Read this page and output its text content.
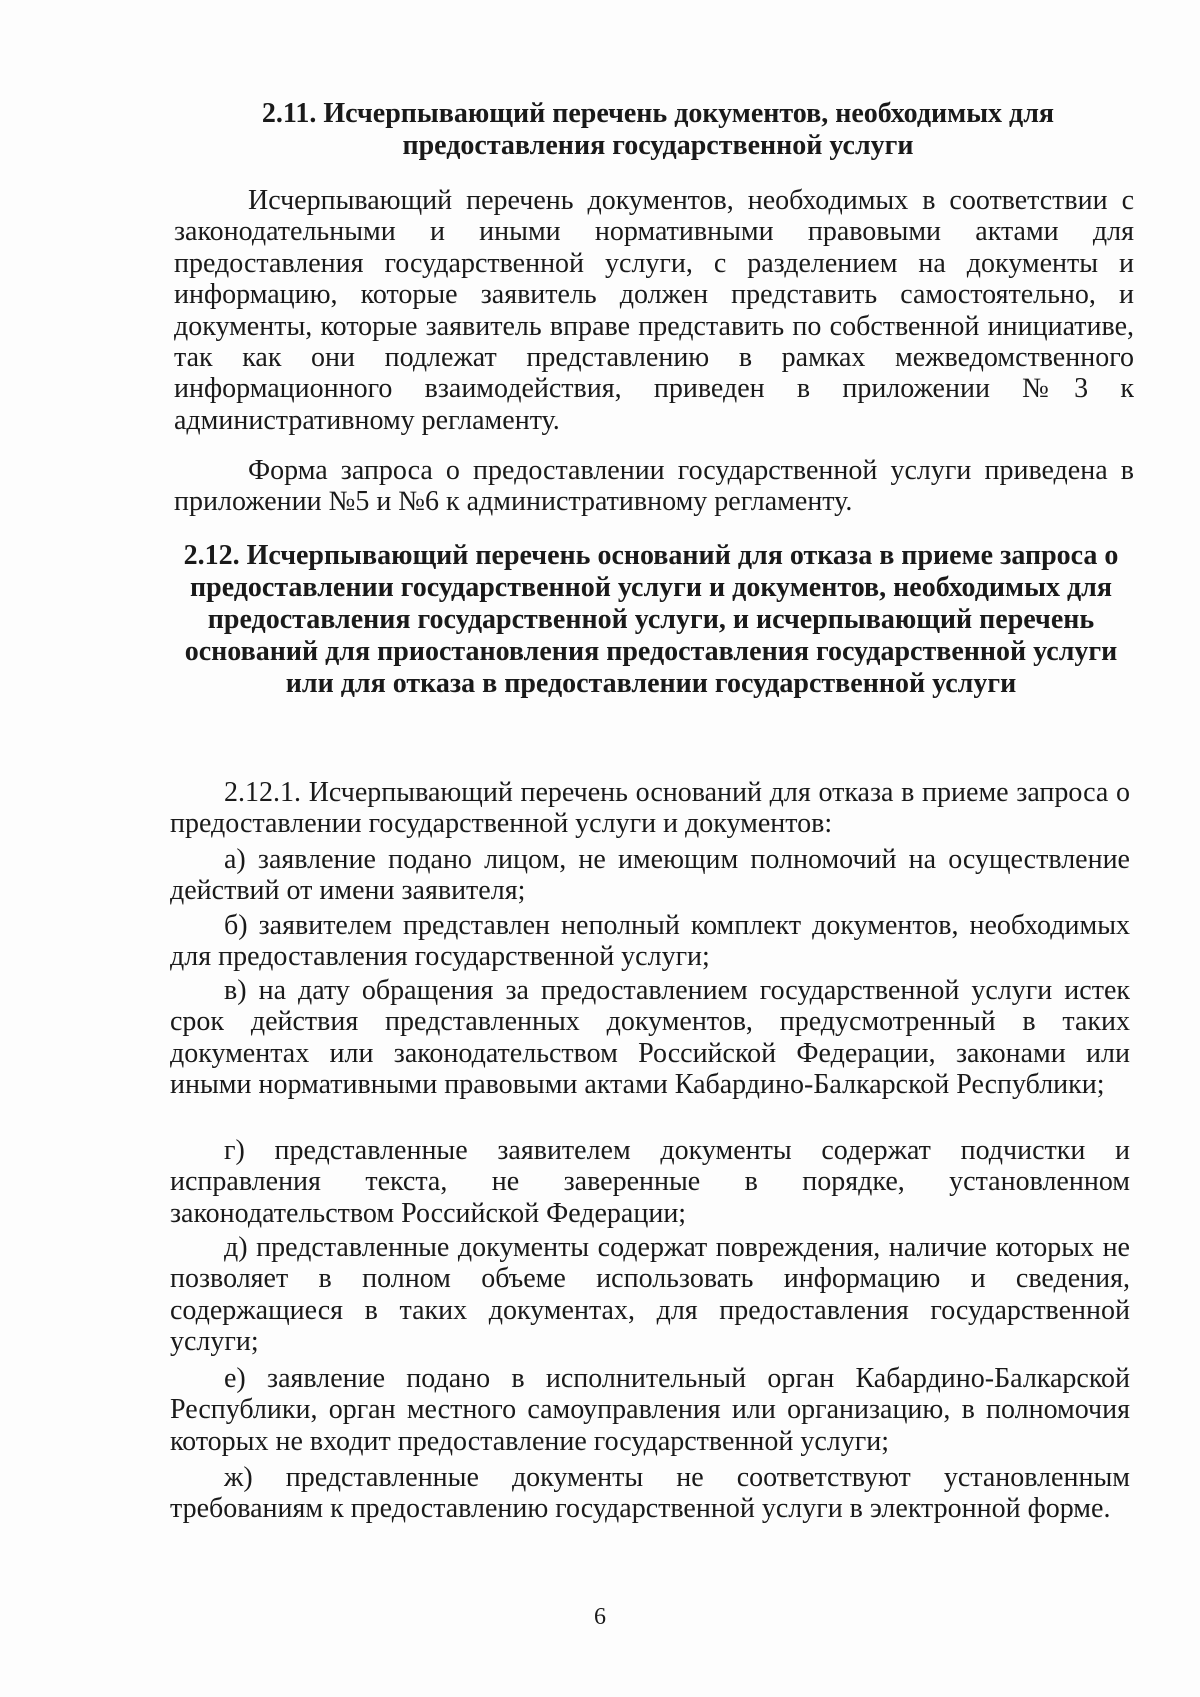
2.11. Исчерпывающий перечень документов, необходимых для предоставления государственной услуги

Исчерпывающий перечень документов, необходимых в соответствии с законодательными и иными нормативными правовыми актами для предоставления государственной услуги, с разделением на документы и информацию, которые заявитель должен представить самостоятельно, и документы, которые заявитель вправе представить по собственной инициативе, так как они подлежат представлению в рамках межведомственного информационного взаимодействия, приведен в приложении №3 к административному регламенту.

Форма запроса о предоставлении государственной услуги приведена в приложении №5 и №6 к административному регламенту.

2.12. Исчерпывающий перечень оснований для отказа в приеме запроса о предоставлении государственной услуги и документов, необходимых для предоставления государственной услуги, и исчерпывающий перечень оснований для приостановления предоставления государственной услуги или для отказа в предоставлении государственной услуги

2.12.1. Исчерпывающий перечень оснований для отказа в приеме запроса о предоставлении государственной услуги и документов:

а) заявление подано лицом, не имеющим полномочий на осуществление действий от имени заявителя;

б) заявителем представлен неполный комплект документов, необходимых для предоставления государственной услуги;

в) на дату обращения за предоставлением государственной услуги истек срок действия представленных документов, предусмотренный в таких документах или законодательством Российской Федерации, законами или иными нормативными правовыми актами Кабардино-Балкарской Республики;

г) представленные заявителем документы содержат подчистки и исправления текста, не заверенные в порядке, установленном законодательством Российской Федерации;

д) представленные документы содержат повреждения, наличие которых не позволяет в полном объеме использовать информацию и сведения, содержащиеся в таких документах, для предоставления государственной услуги;

е) заявление подано в исполнительный орган Кабардино-Балкарской Республики, орган местного самоуправления или организацию, в полномочия которых не входит предоставление государственной услуги;

ж) представленные документы не соответствуют установленным требованиям к предоставлению государственной услуги в электронной форме.

6
